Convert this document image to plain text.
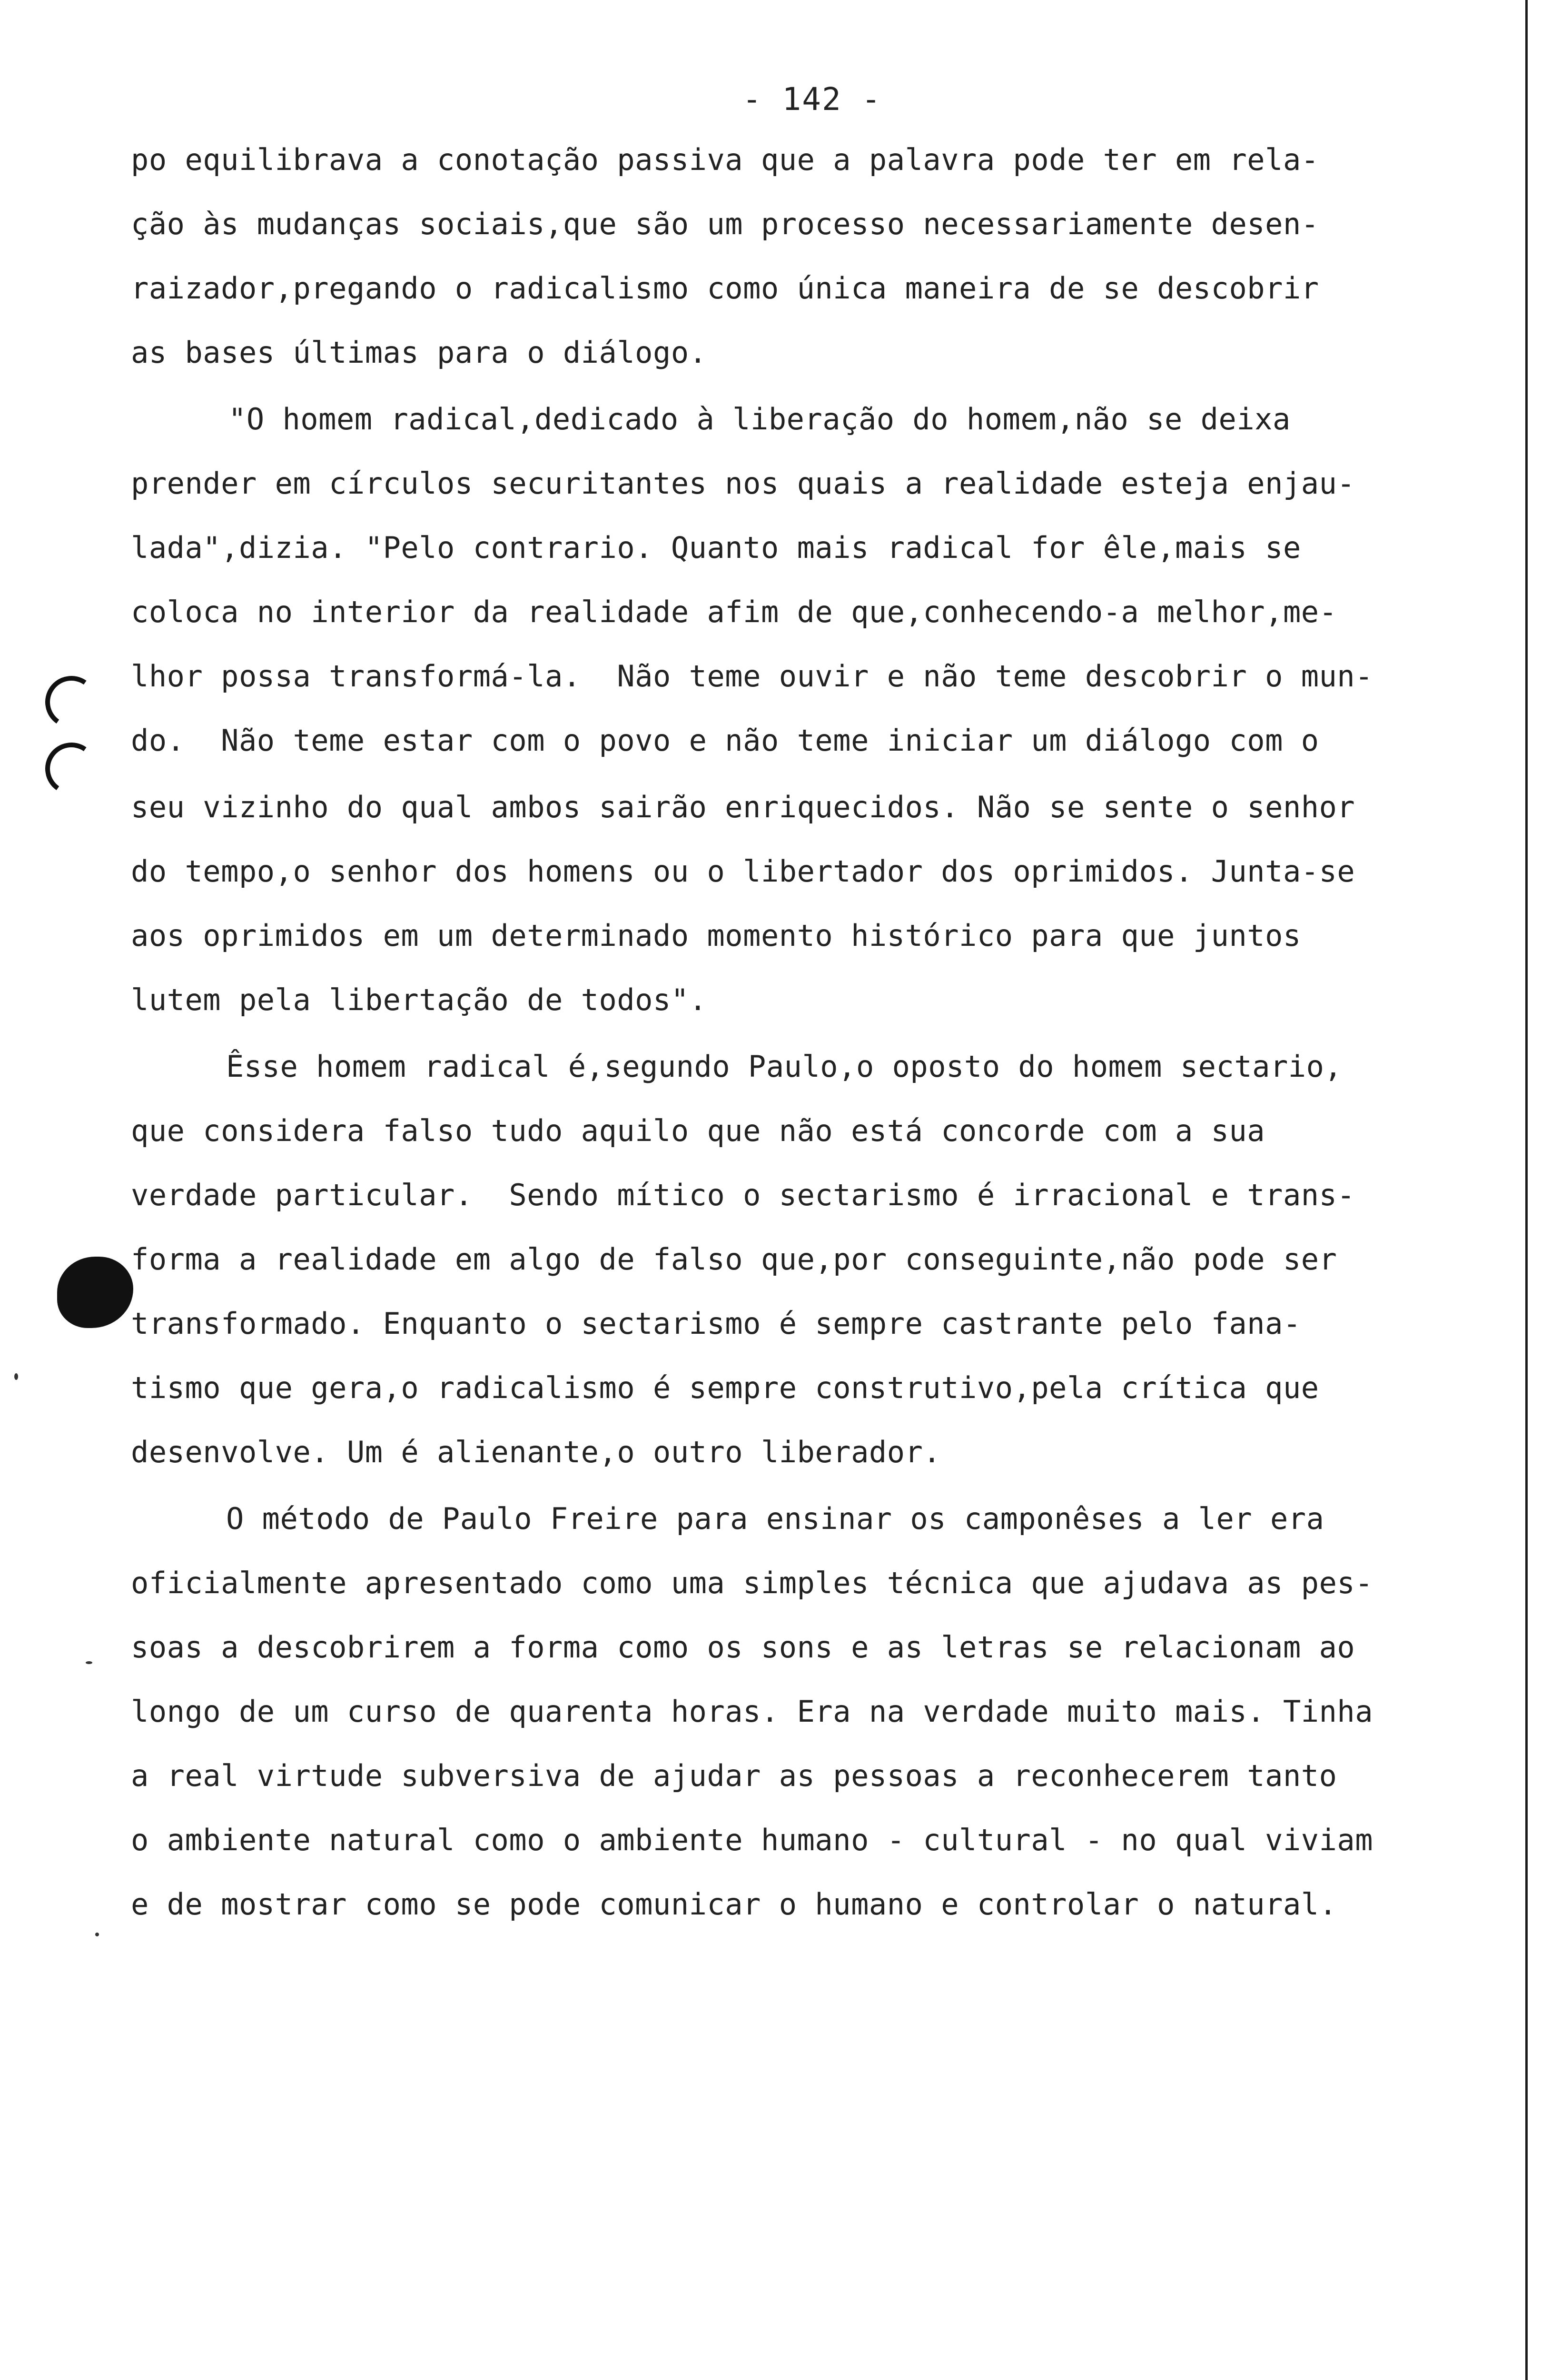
- 142 -
po equilibrava a conotação passiva que a palavra pode ter em rela-
ção às mudanças sociais,que são um processo necessariamente desen-
raizador,pregando o radicalismo como única maneira de se descobrir
as bases últimas para o diálogo.
"O homem radical,dedicado à liberação do homem,não se deixa
prender em círculos securitantes nos quais a realidade esteja enjau-
lada",dizia. "Pelo contrario. Quanto mais radical for êle,mais se
coloca no interior da realidade afim de que,conhecendo-a melhor,me-
lhor possa transformá-la.  Não teme ouvir e não teme descobrir o mun-
do.  Não teme estar com o povo e não teme iniciar um diálogo com o
seu vizinho do qual ambos sairão enriquecidos. Não se sente o senhor
do tempo,o senhor dos homens ou o libertador dos oprimidos. Junta-se
aos oprimidos em um determinado momento histórico para que juntos
lutem pela libertação de todos".
Êsse homem radical é,segundo Paulo,o oposto do homem sectario,
que considera falso tudo aquilo que não está concorde com a sua
verdade particular.  Sendo mítico o sectarismo é irracional e trans-
forma a realidade em algo de falso que,por conseguinte,não pode ser
transformado. Enquanto o sectarismo é sempre castrante pelo fana-
tismo que gera,o radicalismo é sempre construtivo,pela crítica que
desenvolve. Um é alienante,o outro liberador.
O método de Paulo Freire para ensinar os camponêses a ler era
oficialmente apresentado como uma simples técnica que ajudava as pes-
soas a descobrirem a forma como os sons e as letras se relacionam ao
longo de um curso de quarenta horas. Era na verdade muito mais. Tinha
a real virtude subversiva de ajudar as pessoas a reconhecerem tanto
o ambiente natural como o ambiente humano - cultural - no qual viviam
e de mostrar como se pode comunicar o humano e controlar o natural.
